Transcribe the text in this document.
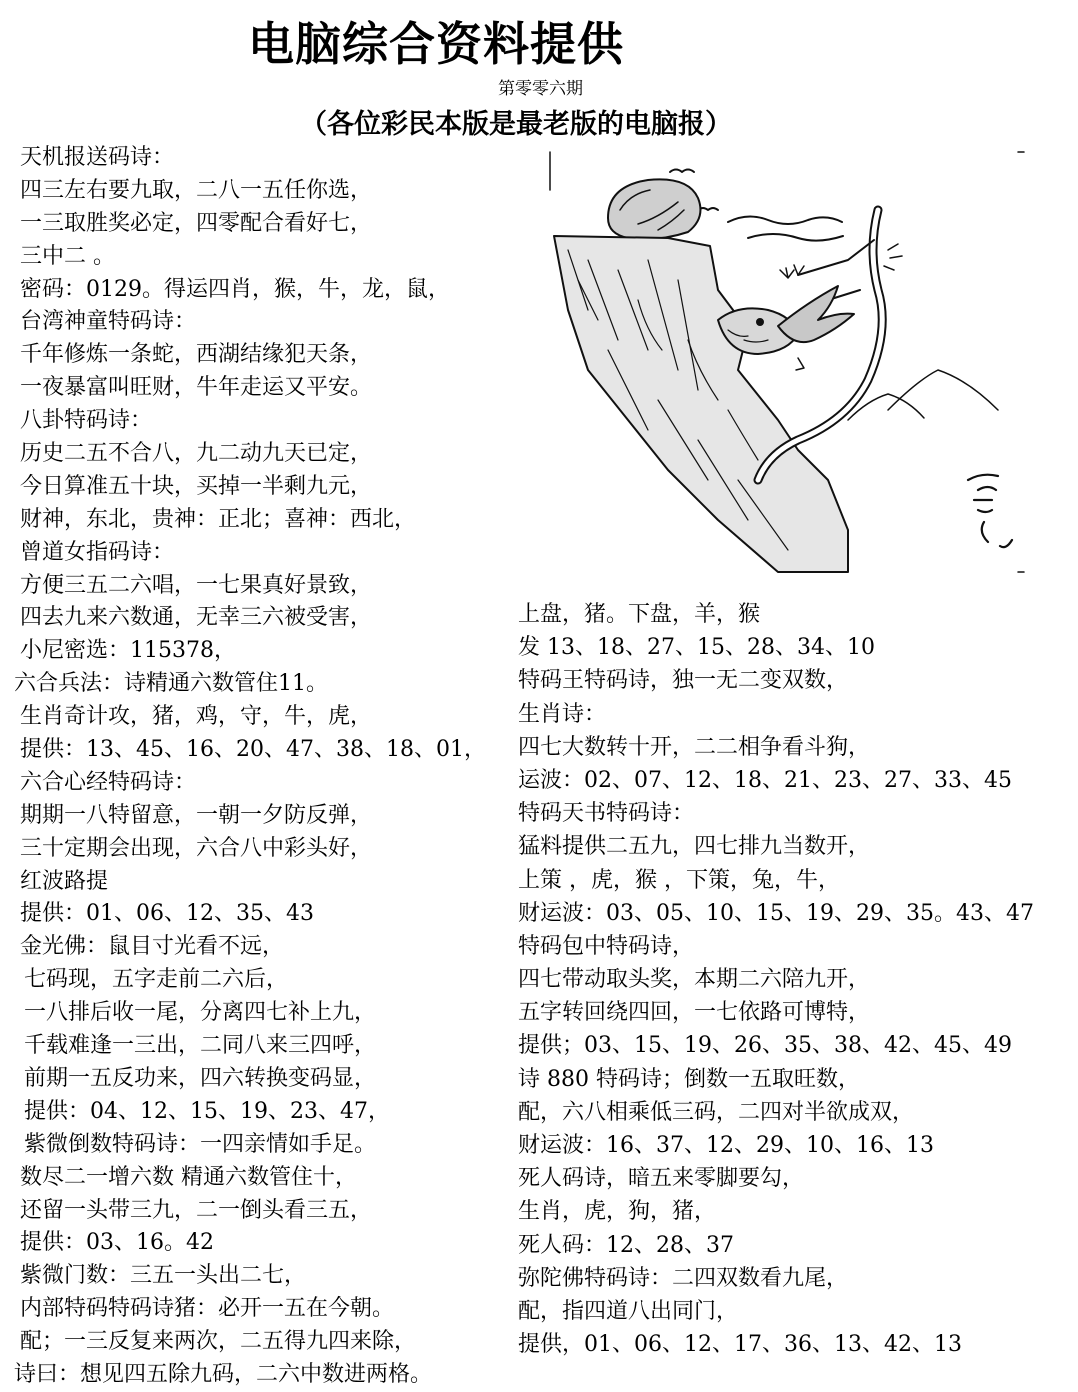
电脑综合资料提供
第零零六期
（各位彩民本版是最老版的电脑报）
天机报送码诗：
四三左右要九取，二八一五任你选，
一三取胜奖必定，四零配合看好七，
三中二 。
密码：0129。得运四肖，猴，牛，龙，鼠，
台湾神童特码诗：
千年修炼一条蛇，西湖结缘犯天条，
一夜暴富叫旺财，牛年走运又平安。
八卦特码诗：
历史二五不合八，九二动九天已定，
今日算准五十块，买掉一半剩九元，
财神，东北，贵神：正北；喜神：西北，
曾道女指码诗：
方便三五二六唱，一七果真好景致，
四去九来六数通，无幸三六被受害，
小尼密选：115378，
六合兵法：诗精通六数管住11。
生肖奇计攻，猪，鸡，守，牛，虎，
提供：13、45、16、20、47、38、18、01，
六合心经特码诗：
期期一八特留意，一朝一夕防反弹，
三十定期会出现，六合八中彩头好，
红波路提
提供：01、06、12、35、43
金光佛：鼠目寸光看不远，
七码现，五字走前二六后，
一八排后收一尾，分离四七补上九，
千载难逢一三出，二同八来三四呼，
前期一五反功来，四六转换变码显，
提供：04、12、15、19、23、47，
紫微倒数特码诗：一四亲情如手足。
数尽二一增六数 精通六数管住十，
还留一头带三九，二一倒头看三五，
提供：03、16。42
紫微门数：三五一头出二七，
内部特码特码诗猪：必开一五在今朝。
配；一三反复来两次，二五得九四来除，
诗曰：想见四五除九码，二六中数进两格。
上盘，猪。下盘，羊，猴
发 13、18、27、15、28、34、10
特码王特码诗，独一无二变双数，
生肖诗：
四七大数转十开，二二相争看斗狗，
运波：02、07、12、18、21、23、27、33、45
特码天书特码诗：
猛料提供二五九，四七排九当数开，
上策 ，虎，猴 ，下策，兔，牛，
财运波：03、05、10、15、19、29、35。43、47
特码包中特码诗，
四七带动取头奖，本期二六陪九开，
五字转回绕四回，一七依路可博特，
提供；03、15、19、26、35、38、42、45、49
诗 880 特码诗；倒数一五取旺数，
配，六八相乘低三码，二四对半欲成双，
财运波：16、37、12、29、10、16、13
死人码诗，暗五来零脚要勾，
生肖，虎，狗，猪，
死人码：12、28、37
弥陀佛特码诗：二四双数看九尾，
配，指四道八出同门，
提供，01、06、12、17、36、13、42、13
